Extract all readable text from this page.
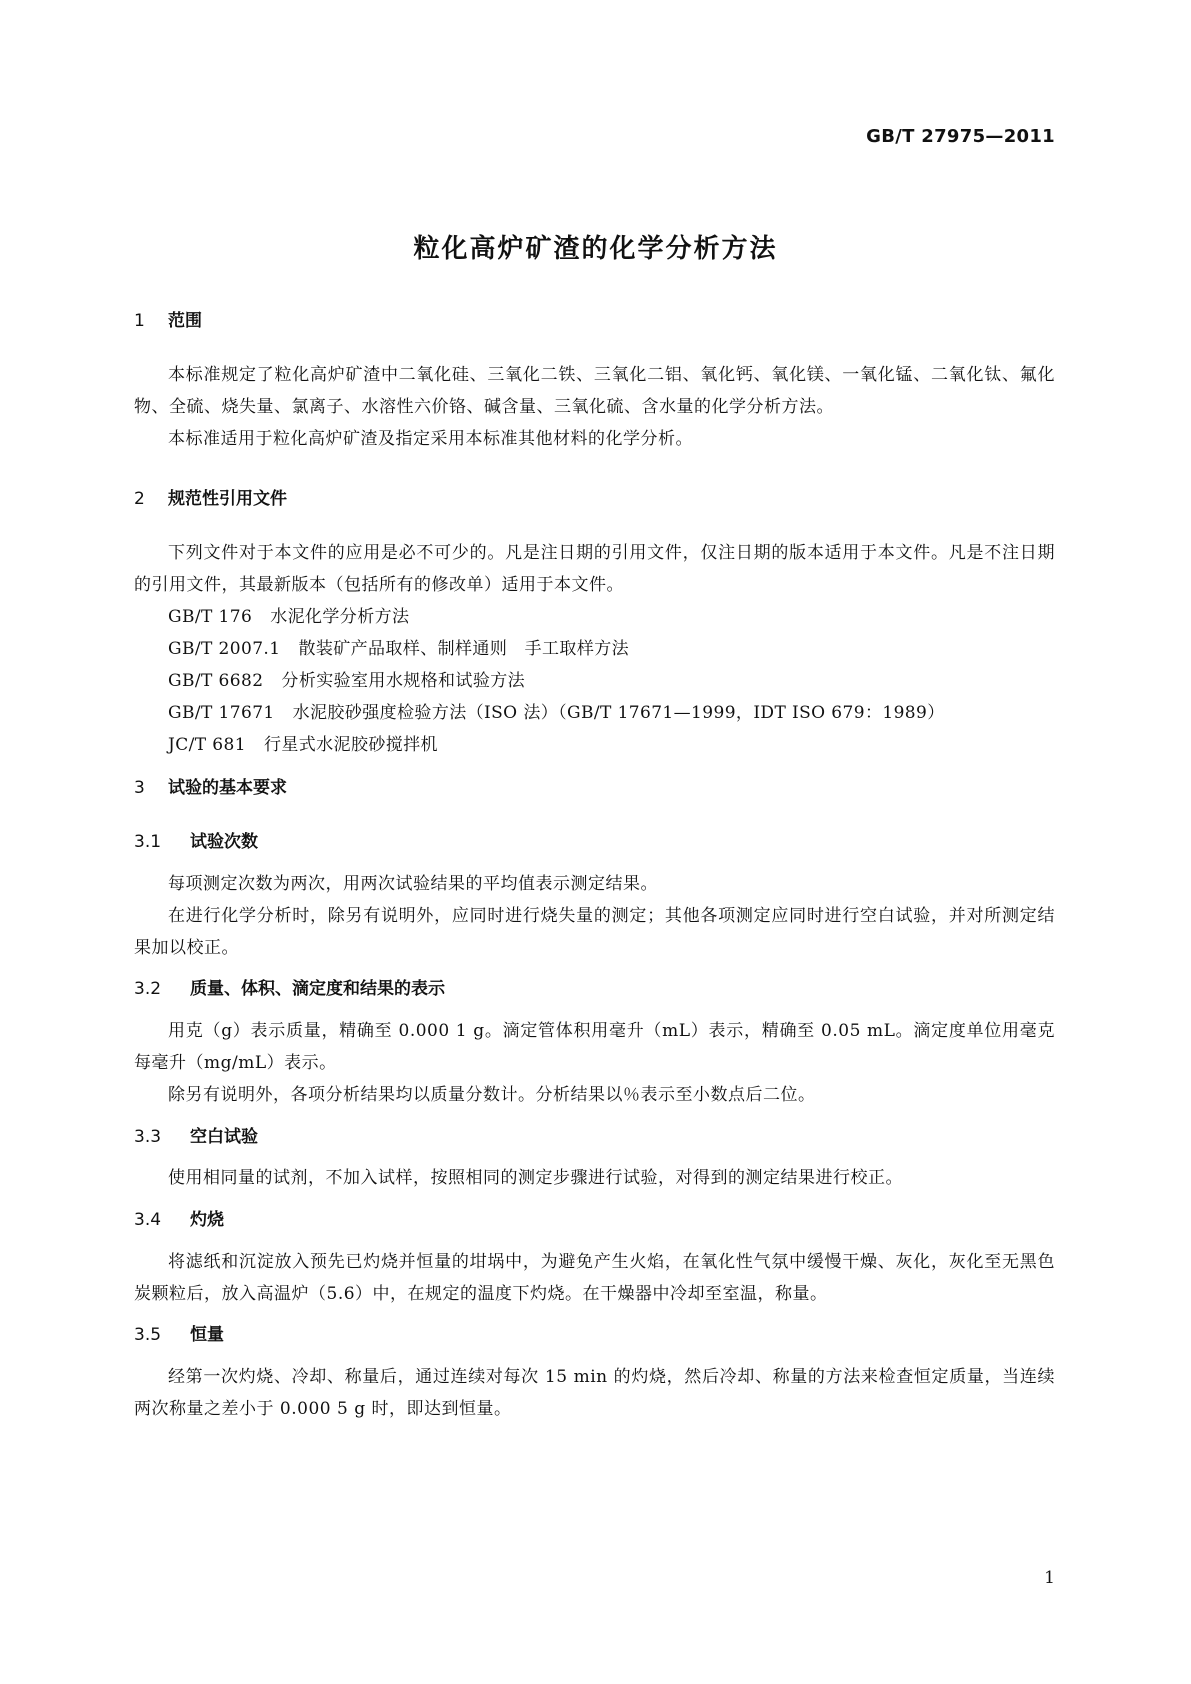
GB/T 27975—2011
粒化高炉矿渣的化学分析方法
1 范围

本标准规定了粒化高炉矿渣中二氧化硅、三氧化二铁、三氧化二铝、氧化钙、氧化镁、一氧化锰、二氧化钛、氟化物、全硫、烧失量、氯离子、水溶性六价铬、碱含量、三氧化硫、含水量的化学分析方法。

本标准适用于粒化高炉矿渣及指定采用本标准其他材料的化学分析。

2 规范性引用文件

下列文件对于本文件的应用是必不可少的。凡是注日期的引用文件，仅注日期的版本适用于本文件。凡是不注日期的引用文件，其最新版本（包括所有的修改单）适用于本文件。

GB/T 176 水泥化学分析方法
GB/T 2007.1 散装矿产品取样、制样通则　手工取样方法
GB/T 6682 分析实验室用水规格和试验方法
GB/T 17671 水泥胶砂强度检验方法（ISO 法）（GB/T 17671—1999，IDT ISO 679：1989）
JC/T 681 行星式水泥胶砂搅拌机
3 试验的基本要求
3.1 试验次数

每项测定次数为两次，用两次试验结果的平均值表示测定结果。

在进行化学分析时，除另有说明外，应同时进行烧失量的测定；其他各项测定应同时进行空白试验，并对所测定结果加以校正。

3.2 质量、体积、滴定度和结果的表示

用克（g）表示质量，精确至 0.000 1 g。滴定管体积用毫升（mL）表示，精确至 0.05 mL。滴定度单位用毫克每毫升（mg/mL）表示。

除另有说明外，各项分析结果均以质量分数计。分析结果以％表示至小数点后二位。

3.3 空白试验

使用相同量的试剂，不加入试样，按照相同的测定步骤进行试验，对得到的测定结果进行校正。

3.4 灼烧

将滤纸和沉淀放入预先已灼烧并恒量的坩埚中，为避免产生火焰，在氧化性气氛中缓慢干燥、灰化，灰化至无黑色炭颗粒后，放入高温炉（5.6）中，在规定的温度下灼烧。在干燥器中冷却至室温，称量。

3.5 恒量

经第一次灼烧、冷却、称量后，通过连续对每次 15 min 的灼烧，然后冷却、称量的方法来检查恒定质量，当连续两次称量之差小于 0.000 5 g 时，即达到恒量。

1
